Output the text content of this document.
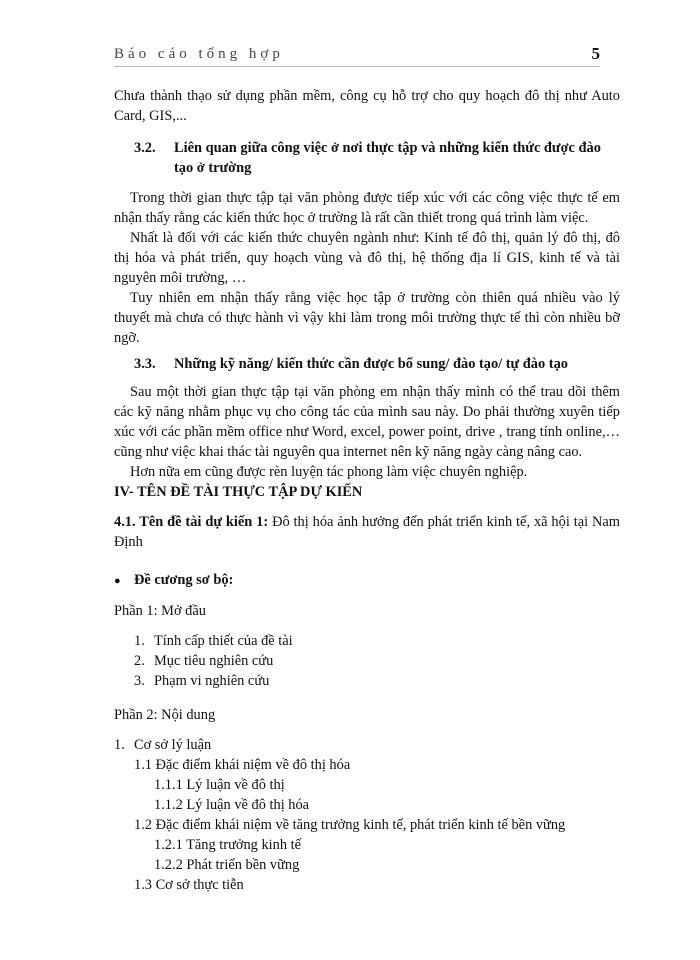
Báo cáo tổng hợp	5

Chưa thành thạo sử dụng phần mềm, công cụ hỗ trợ cho quy hoạch đô thị như Auto Card, GIS,...

3.2.	Liên quan giữa công việc ở nơi thực tập và những kiến thức được đào tạo ở trường

Trong thời gian thực tập tại văn phòng được tiếp xúc với các công việc thực tế em nhận thấy rằng các kiến thức học ở trường là rất cần thiết trong quá trình làm việc.

Nhất là đối với các kiến thức chuyên ngành như: Kinh tế đô thị, quản lý đô thị, đô thị hóa và phát triển, quy hoạch vùng và đô thị, hệ thống địa lí GIS, kinh tế và tài nguyên môi trường, …

Tuy nhiên em nhận thấy rằng việc học tập ở trường còn thiên quá nhiều vào lý thuyết mà chưa có thực hành vì vậy khi làm trong môi trường thực tế thì còn nhiều bỡ ngỡ.

3.3.	Những kỹ năng/ kiến thức cần được bổ sung/ đào tạo/ tự đào tạo

Sau một thời gian thực tập tại văn phòng em nhận thấy mình có thể trau dồi thêm các kỹ năng nhằm phục vụ cho công tác của mình sau này. Do phải thường xuyên tiếp xúc với các phần mềm office như Word, excel, power point, drive , trang tính online,… cũng như việc khai thác tài nguyên qua internet nên kỹ năng ngày càng nâng cao.

Hơn nữa em cũng được rèn luyện tác phong làm việc chuyên nghiệp.

IV- TÊN ĐỀ TÀI THỰC TẬP DỰ KIẾN

4.1. Tên đề tài dự kiến 1: Đô thị hóa ảnh hưởng đến phát triển kinh tế, xã hội tại Nam Định

● Đề cương sơ bộ:

Phần 1: Mở đầu

1. Tính cấp thiết của đề tài
2. Mục tiêu nghiên cứu
3. Phạm vi nghiên cứu

Phần 2: Nội dung

1. Cơ sở lý luận
1.1 Đặc điểm khái niệm về đô thị hóa
1.1.1 Lý luận về đô thị
1.1.2 Lý luận về đô thị hóa
1.2 Đặc điểm khái niệm về tăng trưởng kinh tế, phát triển kinh tế bền vững
1.2.1 Tăng trưởng kinh tế
1.2.2 Phát triển bền vững
1.3 Cơ sở thực tiễn
